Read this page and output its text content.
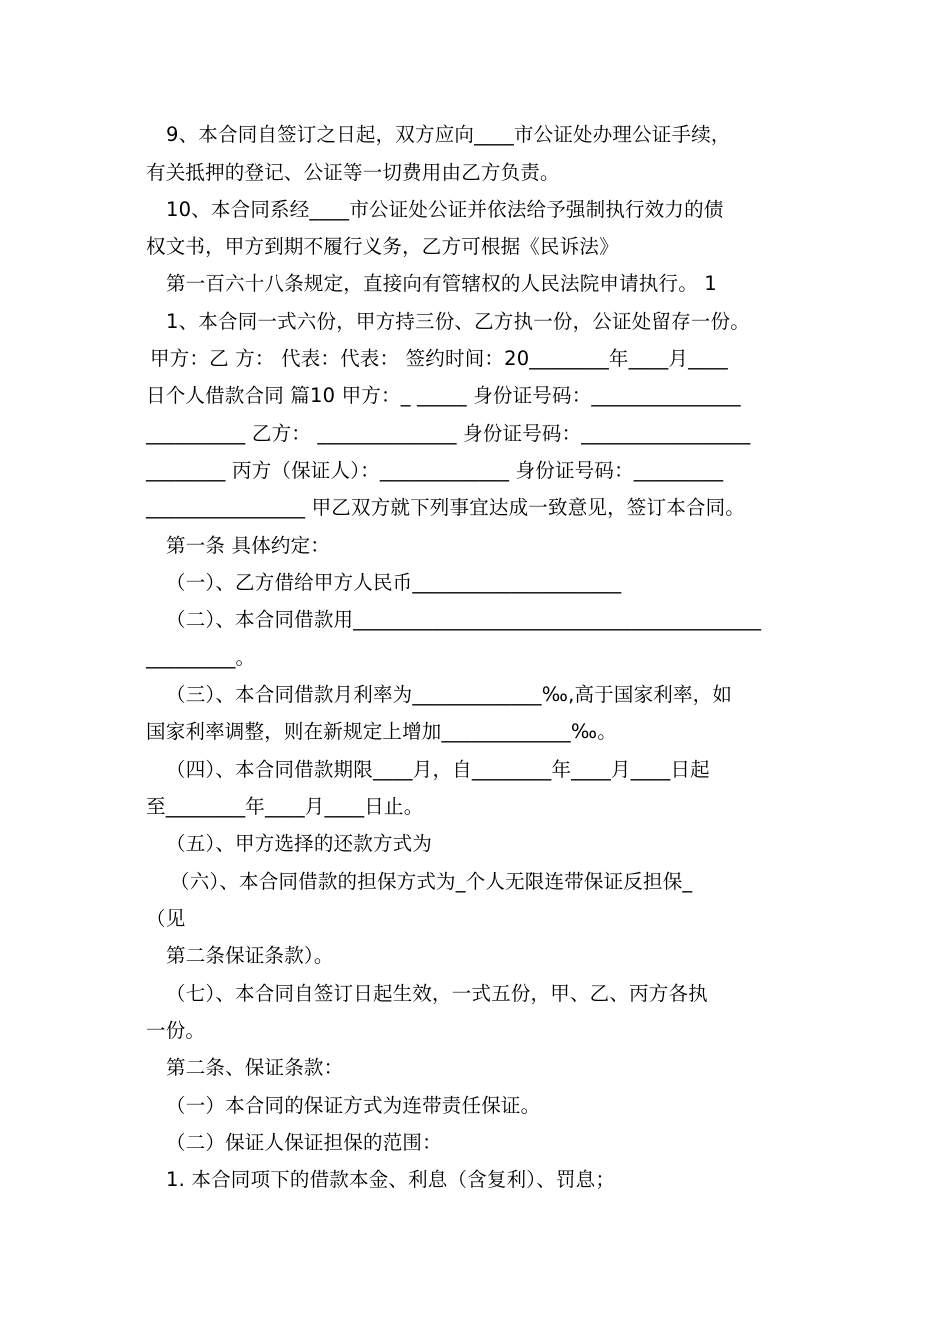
9、本合同自签订之日起，双方应向____市公证处办理公证手续，
有关抵押的登记、公证等一切费用由乙方负责。
10、本合同系经____市公证处公证并依法给予强制执行效力的债
权文书，甲方到期不履行义务，乙方可根据《民诉法》
第一百六十八条规定，直接向有管辖权的人民法院申请执行。 1
1、本合同一式六份，甲方持三份、乙方执一份，公证处留存一份。
甲方：乙 方： 代表：代表： 签约时间：20________年____月____
日个人借款合同 篇10 甲方：_ _____ 身份证号码：_______________
__________ 乙方： ______________ 身份证号码：_________________
________ 丙方（保证人）：_____________ 身份证号码：_________
________________ 甲乙双方就下列事宜达成一致意见，签订本合同。
第一条 具体约定：
（一）、乙方借给甲方人民币_____________________
（二）、本合同借款用_________________________________________
_________。
（三）、本合同借款月利率为_____________‰,高于国家利率，如
国家利率调整，则在新规定上增加_____________‰。
（四）、本合同借款期限____月，自________年____月____日起
至________年____月____日止。
（五）、甲方选择的还款方式为
（六）、本合同借款的担保方式为_个人无限连带保证反担保_
（见
第二条保证条款）。
（七）、本合同自签订日起生效，一式五份，甲、乙、丙方各执
一份。
第二条、保证条款：
（一）本合同的保证方式为连带责任保证。
（二）保证人保证担保的范围：
1. 本合同项下的借款本金、利息（含复利）、罚息；
